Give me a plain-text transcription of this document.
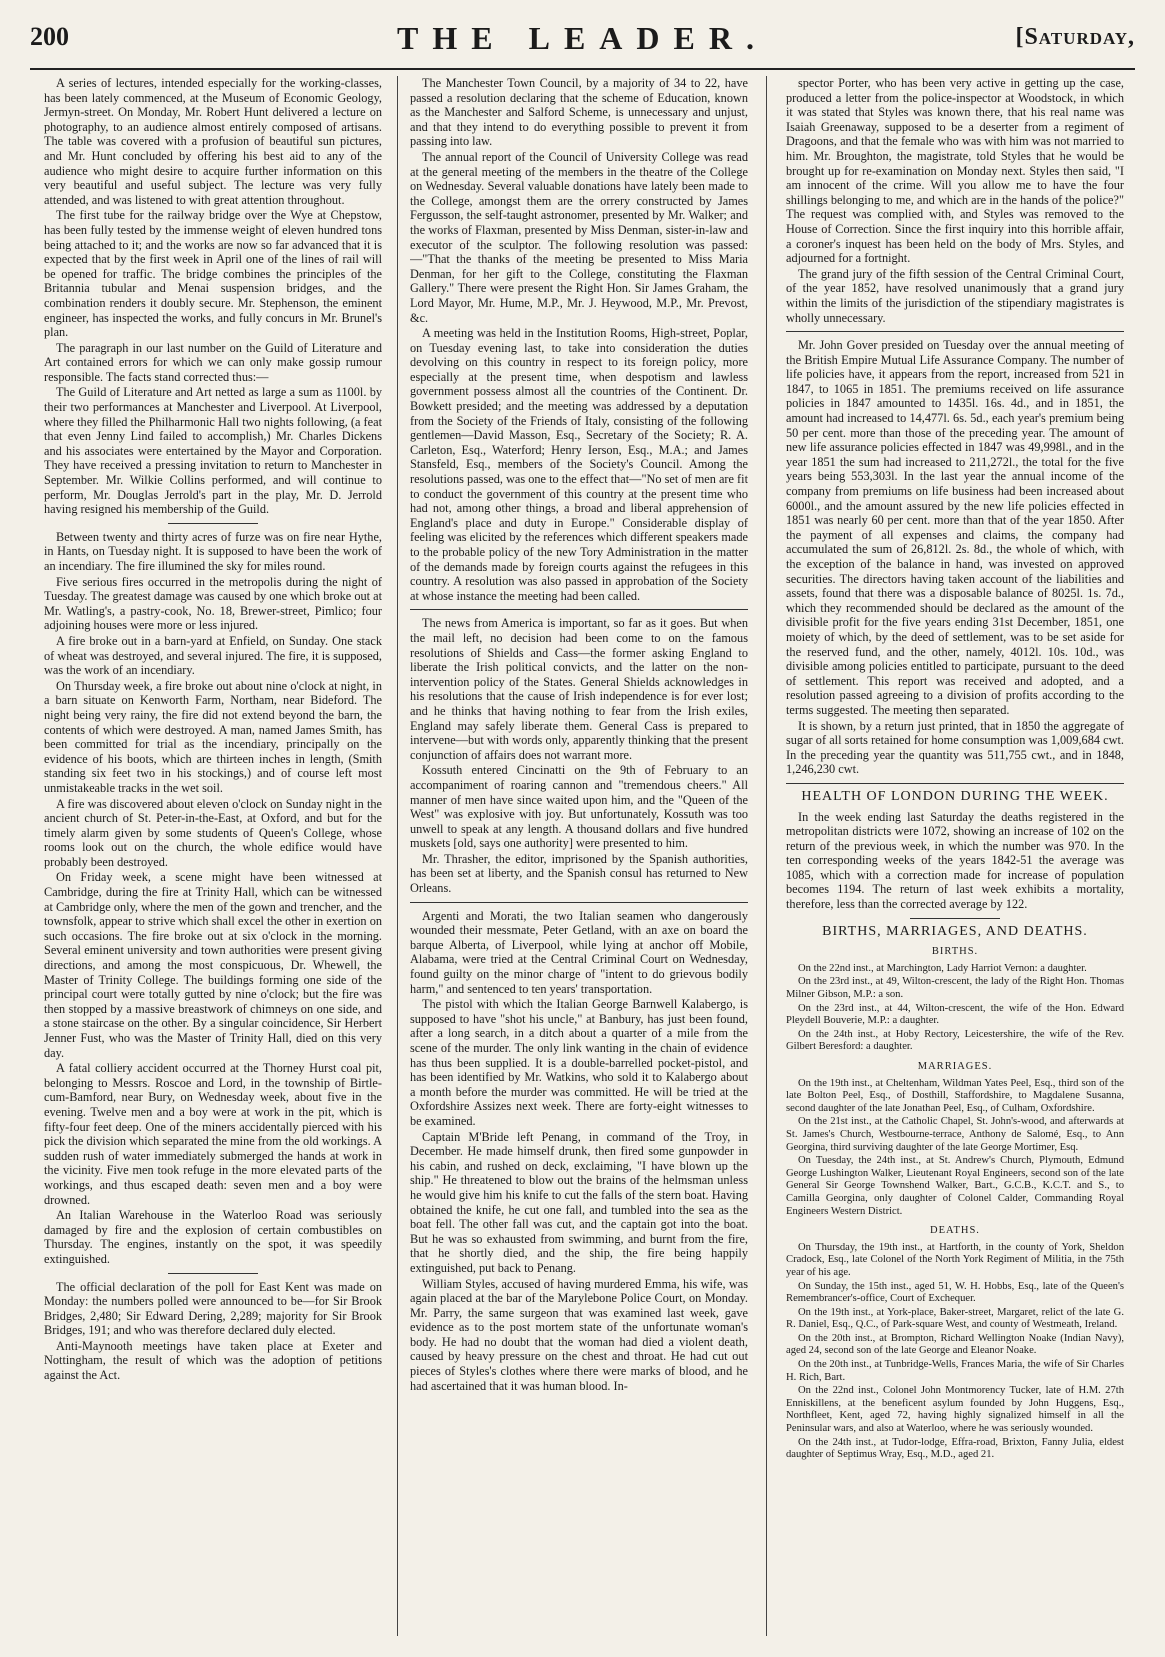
200	THE LEADER.	[Saturday,

A series of lectures, intended especially for the working-classes, has been lately commenced, at the Museum of Economic Geology, Jermyn-street. On Monday, Mr. Robert Hunt delivered a lecture on photography, to an audience almost entirely composed of artisans. The table was covered with a profusion of beautiful sun pictures, and Mr. Hunt concluded by offering his best aid to any of the audience who might desire to acquire further information on this very beautiful and useful subject. The lecture was very fully attended, and was listened to with great attention throughout.

The first tube for the railway bridge over the Wye at Chepstow, has been fully tested by the immense weight of eleven hundred tons being attached to it; and the works are now so far advanced that it is expected that by the first week in April one of the lines of rail will be opened for traffic. The bridge combines the principles of the Britannia tubular and Menai suspension bridges, and the combination renders it doubly secure. Mr. Stephenson, the eminent engineer, has inspected the works, and fully concurs in Mr. Brunel's plan.

The paragraph in our last number on the Guild of Literature and Art contained errors for which we can only make gossip rumour responsible. The facts stand corrected thus:—

The Guild of Literature and Art netted as large a sum as 1100l. by their two performances at Manchester and Liverpool. At Liverpool, where they filled the Philharmonic Hall two nights following, (a feat that even Jenny Lind failed to accomplish,) Mr. Charles Dickens and his associates were entertained by the Mayor and Corporation. They have received a pressing invitation to return to Manchester in September. Mr. Wilkie Collins performed, and will continue to perform, Mr. Douglas Jerrold's part in the play, Mr. D. Jerrold having resigned his membership of the Guild.

Between twenty and thirty acres of furze was on fire near Hythe, in Hants, on Tuesday night. It is supposed to have been the work of an incendiary. The fire illumined the sky for miles round.

Five serious fires occurred in the metropolis during the night of Tuesday. The greatest damage was caused by one which broke out at Mr. Watling's, a pastry-cook, No. 18, Brewer-street, Pimlico; four adjoining houses were more or less injured.

A fire broke out in a barn-yard at Enfield, on Sunday. One stack of wheat was destroyed, and several injured. The fire, it is supposed, was the work of an incendiary.

On Thursday week, a fire broke out about nine o'clock at night, in a barn situate on Kenworth Farm, Northam, near Bideford. The night being very rainy, the fire did not extend beyond the barn, the contents of which were destroyed. A man, named James Smith, has been committed for trial as the incendiary, principally on the evidence of his boots, which are thirteen inches in length, (Smith standing six feet two in his stockings,) and of course left most unmistakeable tracks in the wet soil.

A fire was discovered about eleven o'clock on Sunday night in the ancient church of St. Peter-in-the-East, at Oxford, and but for the timely alarm given by some students of Queen's College, whose rooms look out on the church, the whole edifice would have probably been destroyed.

On Friday week, a scene might have been witnessed at Cambridge, during the fire at Trinity Hall, which can be witnessed at Cambridge only, where the men of the gown and trencher, and the townsfolk, appear to strive which shall excel the other in exertion on such occasions. The fire broke out at six o'clock in the morning. Several eminent university and town authorities were present giving directions, and among the most conspicuous, Dr. Whewell, the Master of Trinity College. The buildings forming one side of the principal court were totally gutted by nine o'clock; but the fire was then stopped by a massive breastwork of chimneys on one side, and a stone staircase on the other. By a singular coincidence, Sir Herbert Jenner Fust, who was the Master of Trinity Hall, died on this very day.

A fatal colliery accident occurred at the Thorney Hurst coal pit, belonging to Messrs. Roscoe and Lord, in the township of Birtle-cum-Bamford, near Bury, on Wednesday week, about five in the evening. Twelve men and a boy were at work in the pit, which is fifty-four feet deep. One of the miners accidentally pierced with his pick the division which separated the mine from the old workings. A sudden rush of water immediately submerged the hands at work in the vicinity. Five men took refuge in the more elevated parts of the workings, and thus escaped death: seven men and a boy were drowned.

An Italian Warehouse in the Waterloo Road was seriously damaged by fire and the explosion of certain combustibles on Thursday. The engines, instantly on the spot, it was speedily extinguished.

The official declaration of the poll for East Kent was made on Monday: the numbers polled were announced to be—for Sir Brook Bridges, 2,480; Sir Edward Dering, 2,289; majority for Sir Brook Bridges, 191; and who was therefore declared duly elected.

Anti-Maynooth meetings have taken place at Exeter and Nottingham, the result of which was the adoption of petitions against the Act.

The Manchester Town Council, by a majority of 34 to 22, have passed a resolution declaring that the scheme of Education, known as the Manchester and Salford Scheme, is unnecessary and unjust, and that they intend to do everything possible to prevent it from passing into law.

The annual report of the Council of University College was read at the general meeting of the members in the theatre of the College on Wednesday. Several valuable donations have lately been made to the College, amongst them are the orrery constructed by James Fergusson, the self-taught astronomer, presented by Mr. Walker; and the works of Flaxman, presented by Miss Denman, sister-in-law and executor of the sculptor. The following resolution was passed:—"That the thanks of the meeting be presented to Miss Maria Denman, for her gift to the College, constituting the Flaxman Gallery." There were present the Right Hon. Sir James Graham, the Lord Mayor, Mr. Hume, M.P., Mr. J. Heywood, M.P., Mr. Prevost, &c.

A meeting was held in the Institution Rooms, High-street, Poplar, on Tuesday evening last, to take into consideration the duties devolving on this country in respect to its foreign policy, more especially at the present time, when despotism and lawless government possess almost all the countries of the Continent. Dr. Bowkett presided; and the meeting was addressed by a deputation from the Society of the Friends of Italy, consisting of the following gentlemen—David Masson, Esq., Secretary of the Society; R. A. Carleton, Esq., Waterford; Henry Ierson, Esq., M.A.; and James Stansfeld, Esq., members of the Society's Council. Among the resolutions passed, was one to the effect that—"No set of men are fit to conduct the government of this country at the present time who had not, among other things, a broad and liberal apprehension of England's place and duty in Europe." Considerable display of feeling was elicited by the references which different speakers made to the probable policy of the new Tory Administration in the matter of the demands made by foreign courts against the refugees in this country. A resolution was also passed in approbation of the Society at whose instance the meeting had been called.

The news from America is important, so far as it goes. But when the mail left, no decision had been come to on the famous resolutions of Shields and Cass—the former asking England to liberate the Irish political convicts, and the latter on the non-intervention policy of the States. General Shields acknowledges in his resolutions that the cause of Irish independence is for ever lost; and he thinks that having nothing to fear from the Irish exiles, England may safely liberate them. General Cass is prepared to intervene—but with words only, apparently thinking that the present conjunction of affairs does not warrant more.

Kossuth entered Cincinatti on the 9th of February to an accompaniment of roaring cannon and "tremendous cheers." All manner of men have since waited upon him, and the "Queen of the West" was explosive with joy. But unfortunately, Kossuth was too unwell to speak at any length. A thousand dollars and five hundred muskets [old, says one authority] were presented to him.

Mr. Thrasher, the editor, imprisoned by the Spanish authorities, has been set at liberty, and the Spanish consul has returned to New Orleans.

Argenti and Morati, the two Italian seamen who dangerously wounded their messmate, Peter Getland, with an axe on board the barque Alberta, of Liverpool, while lying at anchor off Mobile, Alabama, were tried at the Central Criminal Court on Wednesday, found guilty on the minor charge of "intent to do grievous bodily harm," and sentenced to ten years' transportation.

The pistol with which the Italian George Barnwell Kalabergo, is supposed to have "shot his uncle," at Banbury, has just been found, after a long search, in a ditch about a quarter of a mile from the scene of the murder. The only link wanting in the chain of evidence has thus been supplied. It is a double-barrelled pocket-pistol, and has been identified by Mr. Watkins, who sold it to Kalabergo about a month before the murder was committed. He will be tried at the Oxfordshire Assizes next week. There are forty-eight witnesses to be examined.

Captain M'Bride left Penang, in command of the Troy, in December. He made himself drunk, then fired some gunpowder in his cabin, and rushed on deck, exclaiming, "I have blown up the ship." He threatened to blow out the brains of the helmsman unless he would give him his knife to cut the falls of the stern boat. Having obtained the knife, he cut one fall, and tumbled into the sea as the boat fell. The other fall was cut, and the captain got into the boat. But he was so exhausted from swimming, and burnt from the fire, that he shortly died, and the ship, the fire being happily extinguished, put back to Penang.

William Styles, accused of having murdered Emma, his wife, was again placed at the bar of the Marylebone Police Court, on Monday. Mr. Parry, the same surgeon that was examined last week, gave evidence as to the post mortem state of the unfortunate woman's body. He had no doubt that the woman had died a violent death, caused by heavy pressure on the chest and throat. He had cut out pieces of Styles's clothes where there were marks of blood, and he had ascertained that it was human blood. In-

spector Porter, who has been very active in getting up the case, produced a letter from the police-inspector at Woodstock, in which it was stated that Styles was known there, that his real name was Isaiah Greenaway, supposed to be a deserter from a regiment of Dragoons, and that the female who was with him was not married to him. Mr. Broughton, the magistrate, told Styles that he would be brought up for re-examination on Monday next. Styles then said, "I am innocent of the crime. Will you allow me to have the four shillings belonging to me, and which are in the hands of the police?" The request was complied with, and Styles was removed to the House of Correction. Since the first inquiry into this horrible affair, a coroner's inquest has been held on the body of Mrs. Styles, and adjourned for a fortnight.

The grand jury of the fifth session of the Central Criminal Court, of the year 1852, have resolved unanimously that a grand jury within the limits of the jurisdiction of the stipendiary magistrates is wholly unnecessary.

Mr. John Gover presided on Tuesday over the annual meeting of the British Empire Mutual Life Assurance Company. The number of life policies have, it appears from the report, increased from 521 in 1847, to 1065 in 1851. The premiums received on life assurance policies in 1847 amounted to 1435l. 16s. 4d., and in 1851, the amount had increased to 14,477l. 6s. 5d., each year's premium being 50 per cent. more than those of the preceding year. The amount of new life assurance policies effected in 1847 was 49,998l., and in the year 1851 the sum had increased to 211,272l., the total for the five years being 553,303l. In the last year the annual income of the company from premiums on life business had been increased about 6000l., and the amount assured by the new life policies effected in 1851 was nearly 60 per cent. more than that of the year 1850. After the payment of all expenses and claims, the company had accumulated the sum of 26,812l. 2s. 8d., the whole of which, with the exception of the balance in hand, was invested on approved securities. The directors having taken account of the liabilities and assets, found that there was a disposable balance of 8025l. 1s. 7d., which they recommended should be declared as the amount of the divisible profit for the five years ending 31st December, 1851, one moiety of which, by the deed of settlement, was to be set aside for the reserved fund, and the other, namely, 4012l. 10s. 10d., was divisible among policies entitled to participate, pursuant to the deed of settlement. This report was received and adopted, and a resolution passed agreeing to a division of profits according to the terms suggested. The meeting then separated.

It is shown, by a return just printed, that in 1850 the aggregate of sugar of all sorts retained for home consumption was 1,009,684 cwt. In the preceding year the quantity was 511,755 cwt., and in 1848, 1,246,230 cwt.

HEALTH OF LONDON DURING THE WEEK.

In the week ending last Saturday the deaths registered in the metropolitan districts were 1072, showing an increase of 102 on the return of the previous week, in which the number was 970. In the ten corresponding weeks of the years 1842-51 the average was 1085, which with a correction made for increase of population becomes 1194. The return of last week exhibits a mortality, therefore, less than the corrected average by 122.

BIRTHS, MARRIAGES, AND DEATHS.
BIRTHS.

On the 22nd inst., at Marchington, Lady Harriot Vernon: a daughter.

On the 23rd inst., at 49, Wilton-crescent, the lady of the Right Hon. Thomas Milner Gibson, M.P.: a son.

On the 23rd inst., at 44, Wilton-crescent, the wife of the Hon. Edward Pleydell Bouverie, M.P.: a daughter.

On the 24th inst., at Hoby Rectory, Leicestershire, the wife of the Rev. Gilbert Beresford: a daughter.

MARRIAGES.

On the 19th inst., at Cheltenham, Wildman Yates Peel, Esq., third son of the late Bolton Peel, Esq., of Dosthill, Staffordshire, to Magdalene Susanna, second daughter of the late Jonathan Peel, Esq., of Culham, Oxfordshire.

On the 21st inst., at the Catholic Chapel, St. John's-wood, and afterwards at St. James's Church, Westbourne-terrace, Anthony de Salomé, Esq., to Ann Georgina, third surviving daughter of the late George Mortimer, Esq.

On Tuesday, the 24th inst., at St. Andrew's Church, Plymouth, Edmund George Lushington Walker, Lieutenant Royal Engineers, second son of the late General Sir George Townshend Walker, Bart., G.C.B., K.C.T. and S., to Camilla Georgina, only daughter of Colonel Calder, Commanding Royal Engineers Western District.

DEATHS.

On Thursday, the 19th inst., at Hartforth, in the county of York, Sheldon Cradock, Esq., late Colonel of the North York Regiment of Militia, in the 75th year of his age.

On Sunday, the 15th inst., aged 51, W. H. Hobbs, Esq., late of the Queen's Remembrancer's-office, Court of Exchequer.

On the 19th inst., at York-place, Baker-street, Margaret, relict of the late G. R. Daniel, Esq., Q.C., of Park-square West, and county of Westmeath, Ireland.

On the 20th inst., at Brompton, Richard Wellington Noake (Indian Navy), aged 24, second son of the late George and Eleanor Noake.

On the 20th inst., at Tunbridge-Wells, Frances Maria, the wife of Sir Charles H. Rich, Bart.

On the 22nd inst., Colonel John Montmorency Tucker, late of H.M. 27th Enniskillens, at the beneficent asylum founded by John Huggens, Esq., Northfleet, Kent, aged 72, having highly signalized himself in all the Peninsular wars, and also at Waterloo, where he was seriously wounded.

On the 24th inst., at Tudor-lodge, Effra-road, Brixton, Fanny Julia, eldest daughter of Septimus Wray, Esq., M.D., aged 21.
